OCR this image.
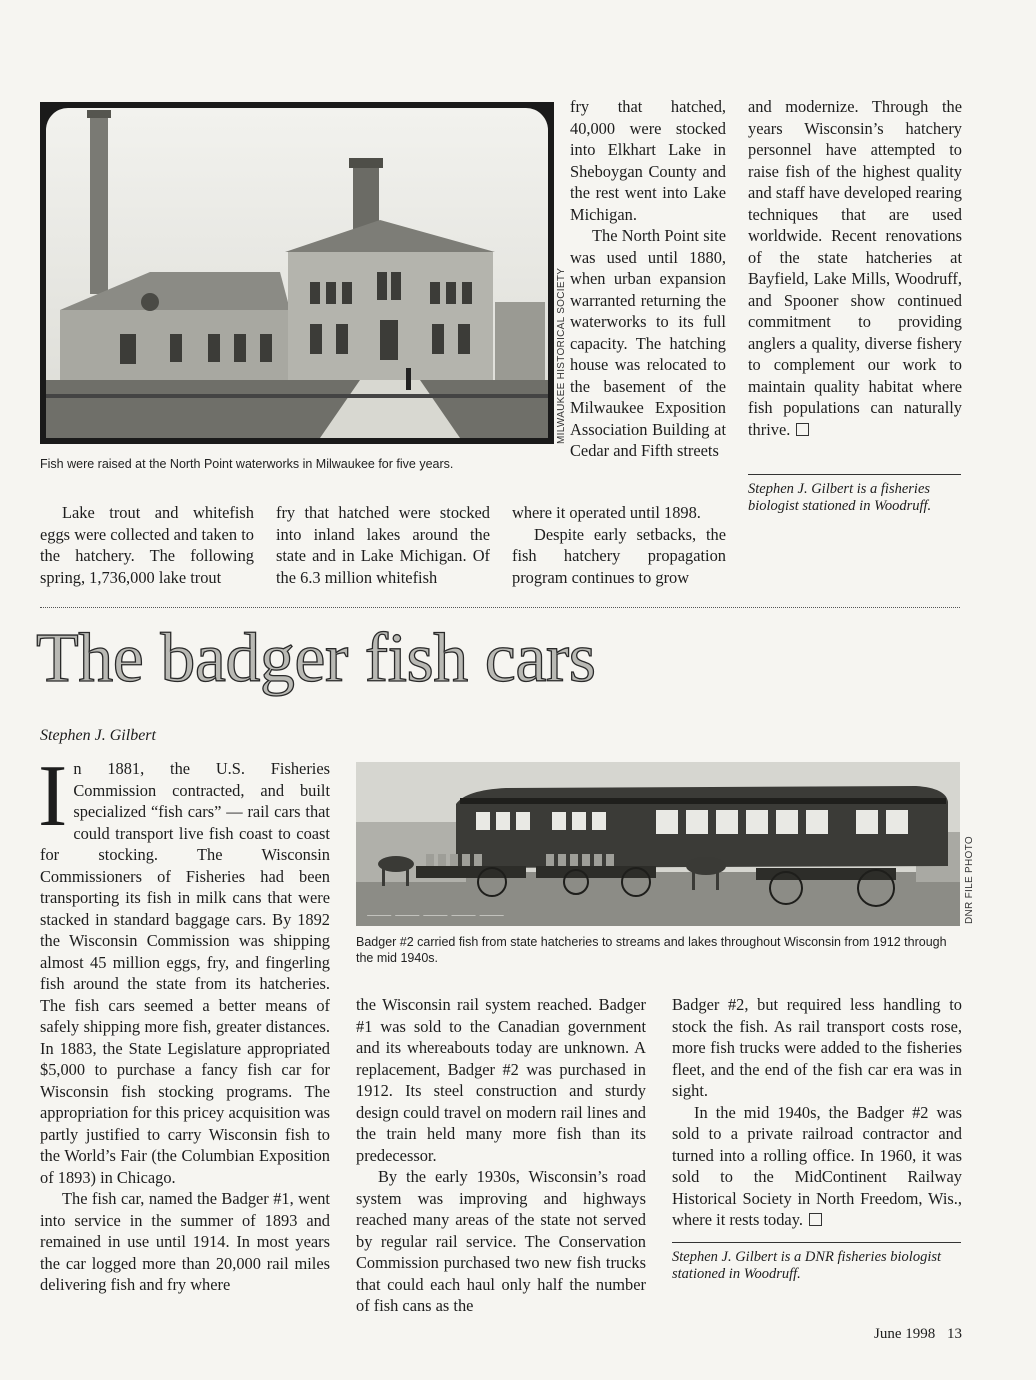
MILWAUKEE HISTORICAL SOCIETY
Fish were raised at the North Point waterworks in Milwaukee for five years.

Lake trout and whitefish eggs were collected and taken to the hatchery. The following spring, 1,736,000 lake trout

fry that hatched were stocked into inland lakes around the state and in Lake Michigan. Of the 6.3 million whitefish

fry that hatched, 40,000 were stocked into Elkhart Lake in Sheboygan County and the rest went into Lake Michigan.

The North Point site was used until 1880, when urban expansion warranted returning the waterworks to its full capacity. The hatching house was relocated to the basement of the Milwaukee Exposition Association Building at Cedar and Fifth streets

where it operated until 1898.

Despite early setbacks, the fish hatchery propagation program continues to grow

and modernize. Through the years Wisconsin’s hatchery personnel have attempted to raise fish of the highest quality and staff have developed rearing techniques that are used worldwide. Recent renovations of the state hatcheries at Bayfield, Lake Mills, Woodruff, and Spooner show continued commitment to providing anglers a quality, diverse fishery to complement our work to maintain quality habitat where fish populations can naturally thrive.

Stephen J. Gilbert is a fisheries biologist stationed in Woodruff.
The badger fish cars
Stephen J. Gilbert
⸻ ⸻ ⸻ ⸻ ⸻	DNR FILE PHOTO
Badger #2 carried fish from state hatcheries to streams and lakes throughout Wisconsin from 1912 through the mid 1940s.

In 1881, the U.S. Fisheries Commission contracted, and built specialized “fish cars” — rail cars that could transport live fish coast to coast for stocking. The Wisconsin Commissioners of Fisheries had been transporting its fish in milk cans that were stacked in standard baggage cars. By 1892 the Wisconsin Commission was shipping almost 45 million eggs, fry, and fingerling fish around the state from its hatcheries. The fish cars seemed a better means of safely shipping more fish, greater distances. In 1883, the State Legislature appropriated $5,000 to purchase a fancy fish car for Wisconsin fish stocking programs. The appropriation for this pricey acquisition was partly justified to carry Wisconsin fish to the World’s Fair (the Columbian Exposition of 1893) in Chicago.

The fish car, named the Badger #1, went into service in the summer of 1893 and remained in use until 1914. In most years the car logged more than 20,000 rail miles delivering fish and fry where

the Wisconsin rail system reached. Badger #1 was sold to the Canadian government and its whereabouts today are unknown. A replacement, Badger #2 was purchased in 1912. Its steel construction and sturdy design could travel on modern rail lines and the train held many more fish than its predecessor.

By the early 1930s, Wisconsin’s road system was improving and highways reached many areas of the state not served by regular rail service. The Conservation Commission purchased two new fish trucks that could each haul only half the number of fish cans as the

Badger #2, but required less handling to stock the fish. As rail transport costs rose, more fish trucks were added to the fisheries fleet, and the end of the fish car era was in sight.

In the mid 1940s, the Badger #2 was sold to a private railroad contractor and turned into a rolling office. In 1960, it was sold to the MidContinent Railway Historical Society in North Freedom, Wis., where it rests today.

Stephen J. Gilbert is a DNR fisheries biologist stationed in Woodruff.
June 1998 13
